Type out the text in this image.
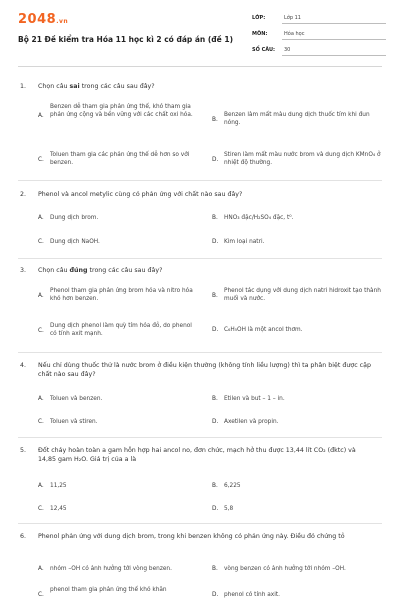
2048.vn
Bộ 21 Đề kiểm tra Hóa 11 học kì 2 có đáp án (đề 1)
LỚP:	Lớp 11
MÔN:	Hóa học
SỐ CÂU: 30
1. Chọn câu sai trong các câu sau đây?
A.
Benzen dễ tham gia phản ứng thế, khó tham gia phản ứng cộng và bền vững với các chất oxi hóa.
B.
Benzen làm mất màu dung dịch thuốc tím khi đun nóng.
C.
Toluen tham gia các phản ứng thế dễ hơn so với benzen.
D.
Stiren làm mất màu nước brom và dung dịch KMnO₄ ở nhiệt độ thường.
2. Phenol và ancol metylic cùng có phản ứng với chất nào sau đây?
A. Dung dịch brom.	B. HNO₃ đặc/H₂SO₄ đặc, t⁰.
C. Dung dịch NaOH.	D. Kim loại natri.
3. Chọn câu đúng trong các câu sau đây?
A.
Phenol tham gia phản ứng brom hóa và nitro hóa khó hơn benzen.
B.
Phenol tác dụng với dung dịch natri hidroxit tạo thành muối và nước.
C.
Dung dịch phenol làm quỳ tím hóa đỏ, do phenol có tính axit mạnh.
D. C₆H₅OH là một ancol thơm.
4. Nếu chỉ dùng thuốc thử là nước brom ở điều kiện thường (không tính liều lượng) thì ta phân biệt được cặp chất nào sau đây?
A. Toluen và benzen.	B. Etilen và but – 1 – in.
C. Toluen và stiren.	D. Axetilen và propin.
5. Đốt cháy hoàn toàn a gam hỗn hợp hai ancol no, đơn chức, mạch hở thu được 13,44 lít CO₂ (đktc) và 14,85 gam H₂O. Giá trị của a là
A. 11,25	B. 6,225
C. 12,45	D. 5,8
6. Phenol phản ứng với dung dịch brom, trong khi benzen không có phản ứng này. Điều đó chứng tỏ
A. nhóm –OH có ảnh hưởng tới vòng benzen.	B. vòng benzen có ảnh hưởng tới nhóm –OH.
C.
phenol tham gia phản ứng thế khó khăn
D. phenol có tính axit.
